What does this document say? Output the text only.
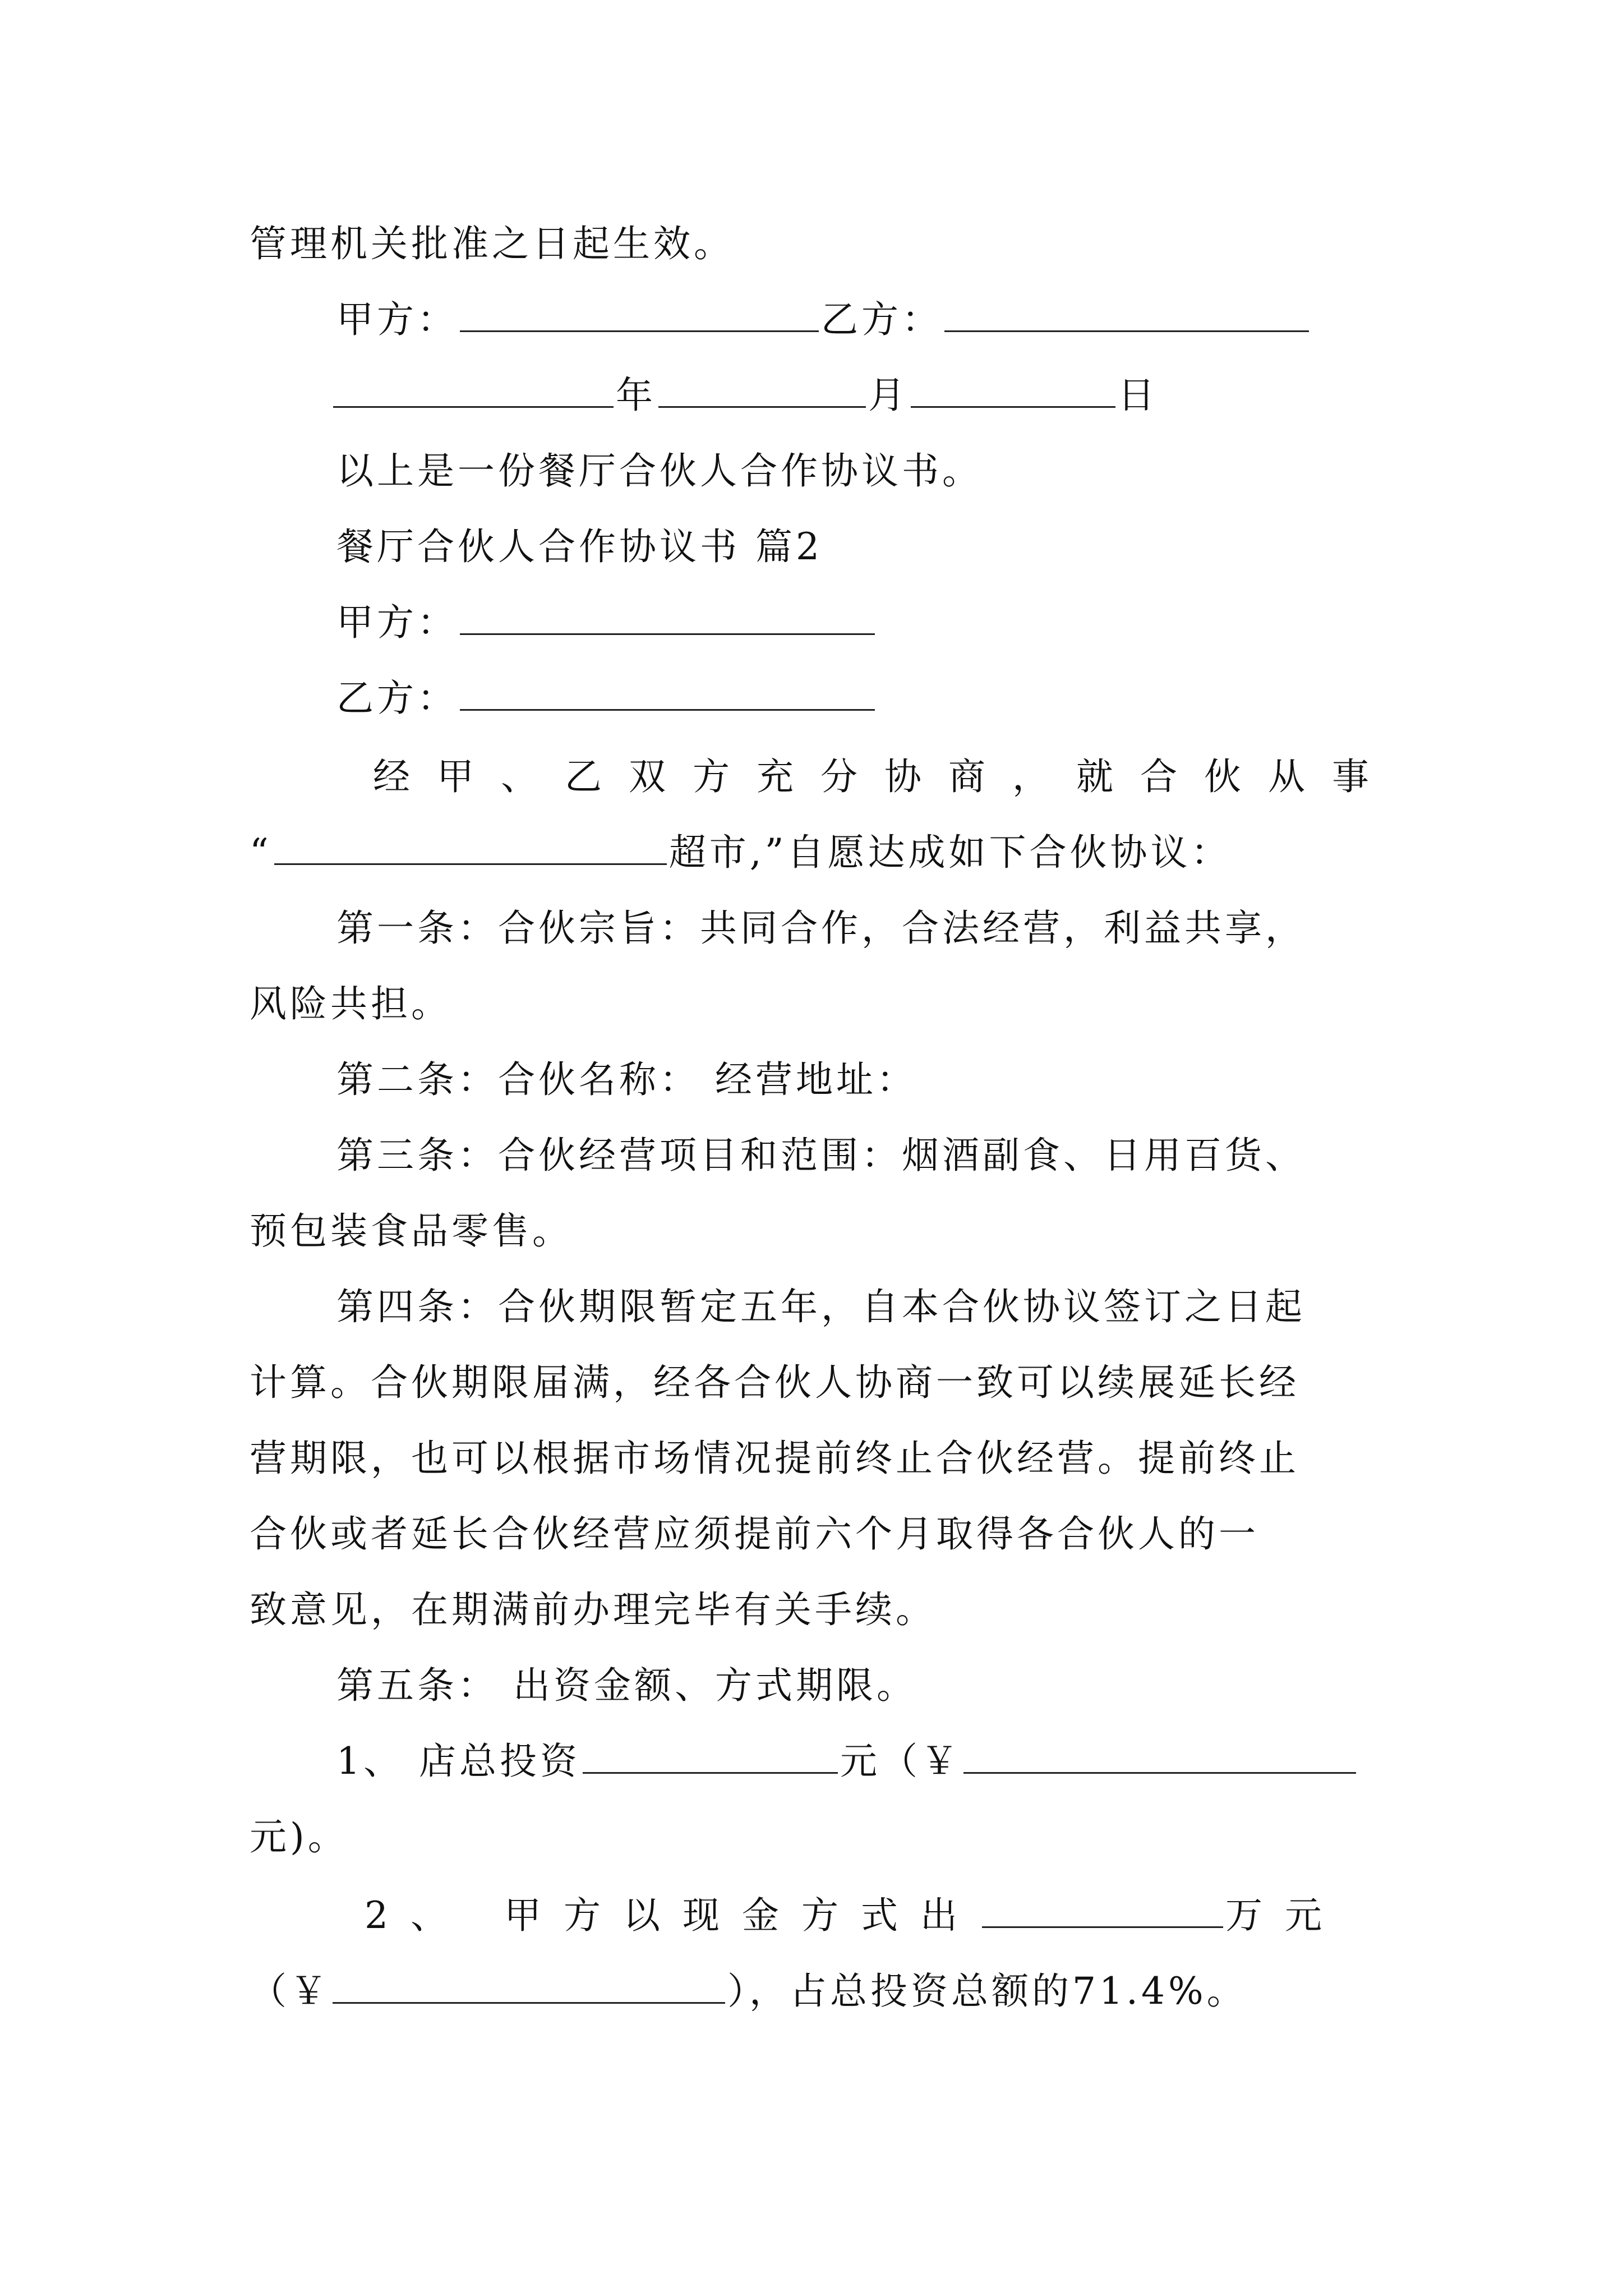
管理机关批准之日起生效。
甲方：	乙方：
年	月	日
以上是一份餐厅合伙人合作协议书。
餐厅合伙人合作协议书 篇2
甲方：
乙方：
经甲、乙双方充分协商，就合伙从事
“	超市,”自愿达成如下合伙协议：
第一条：合伙宗旨：共同合作，合法经营，利益共享，
风险共担。
第二条：合伙名称： 经营地址：
第三条：合伙经营项目和范围：烟酒副食、日用百货、
预包装食品零售。
第四条：合伙期限暂定五年，自本合伙协议签订之日起
计算。合伙期限届满，经各合伙人协商一致可以续展延长经
营期限，也可以根据市场情况提前终止合伙经营。提前终止
合伙或者延长合伙经营应须提前六个月取得各合伙人的一
致意见，在期满前办理完毕有关手续。
第五条： 出资金额、方式期限。
1、 店总投资	元（￥
元)。
2、 甲方以现金方式出	万元
（￥	），占总投资总额的71.4%。
